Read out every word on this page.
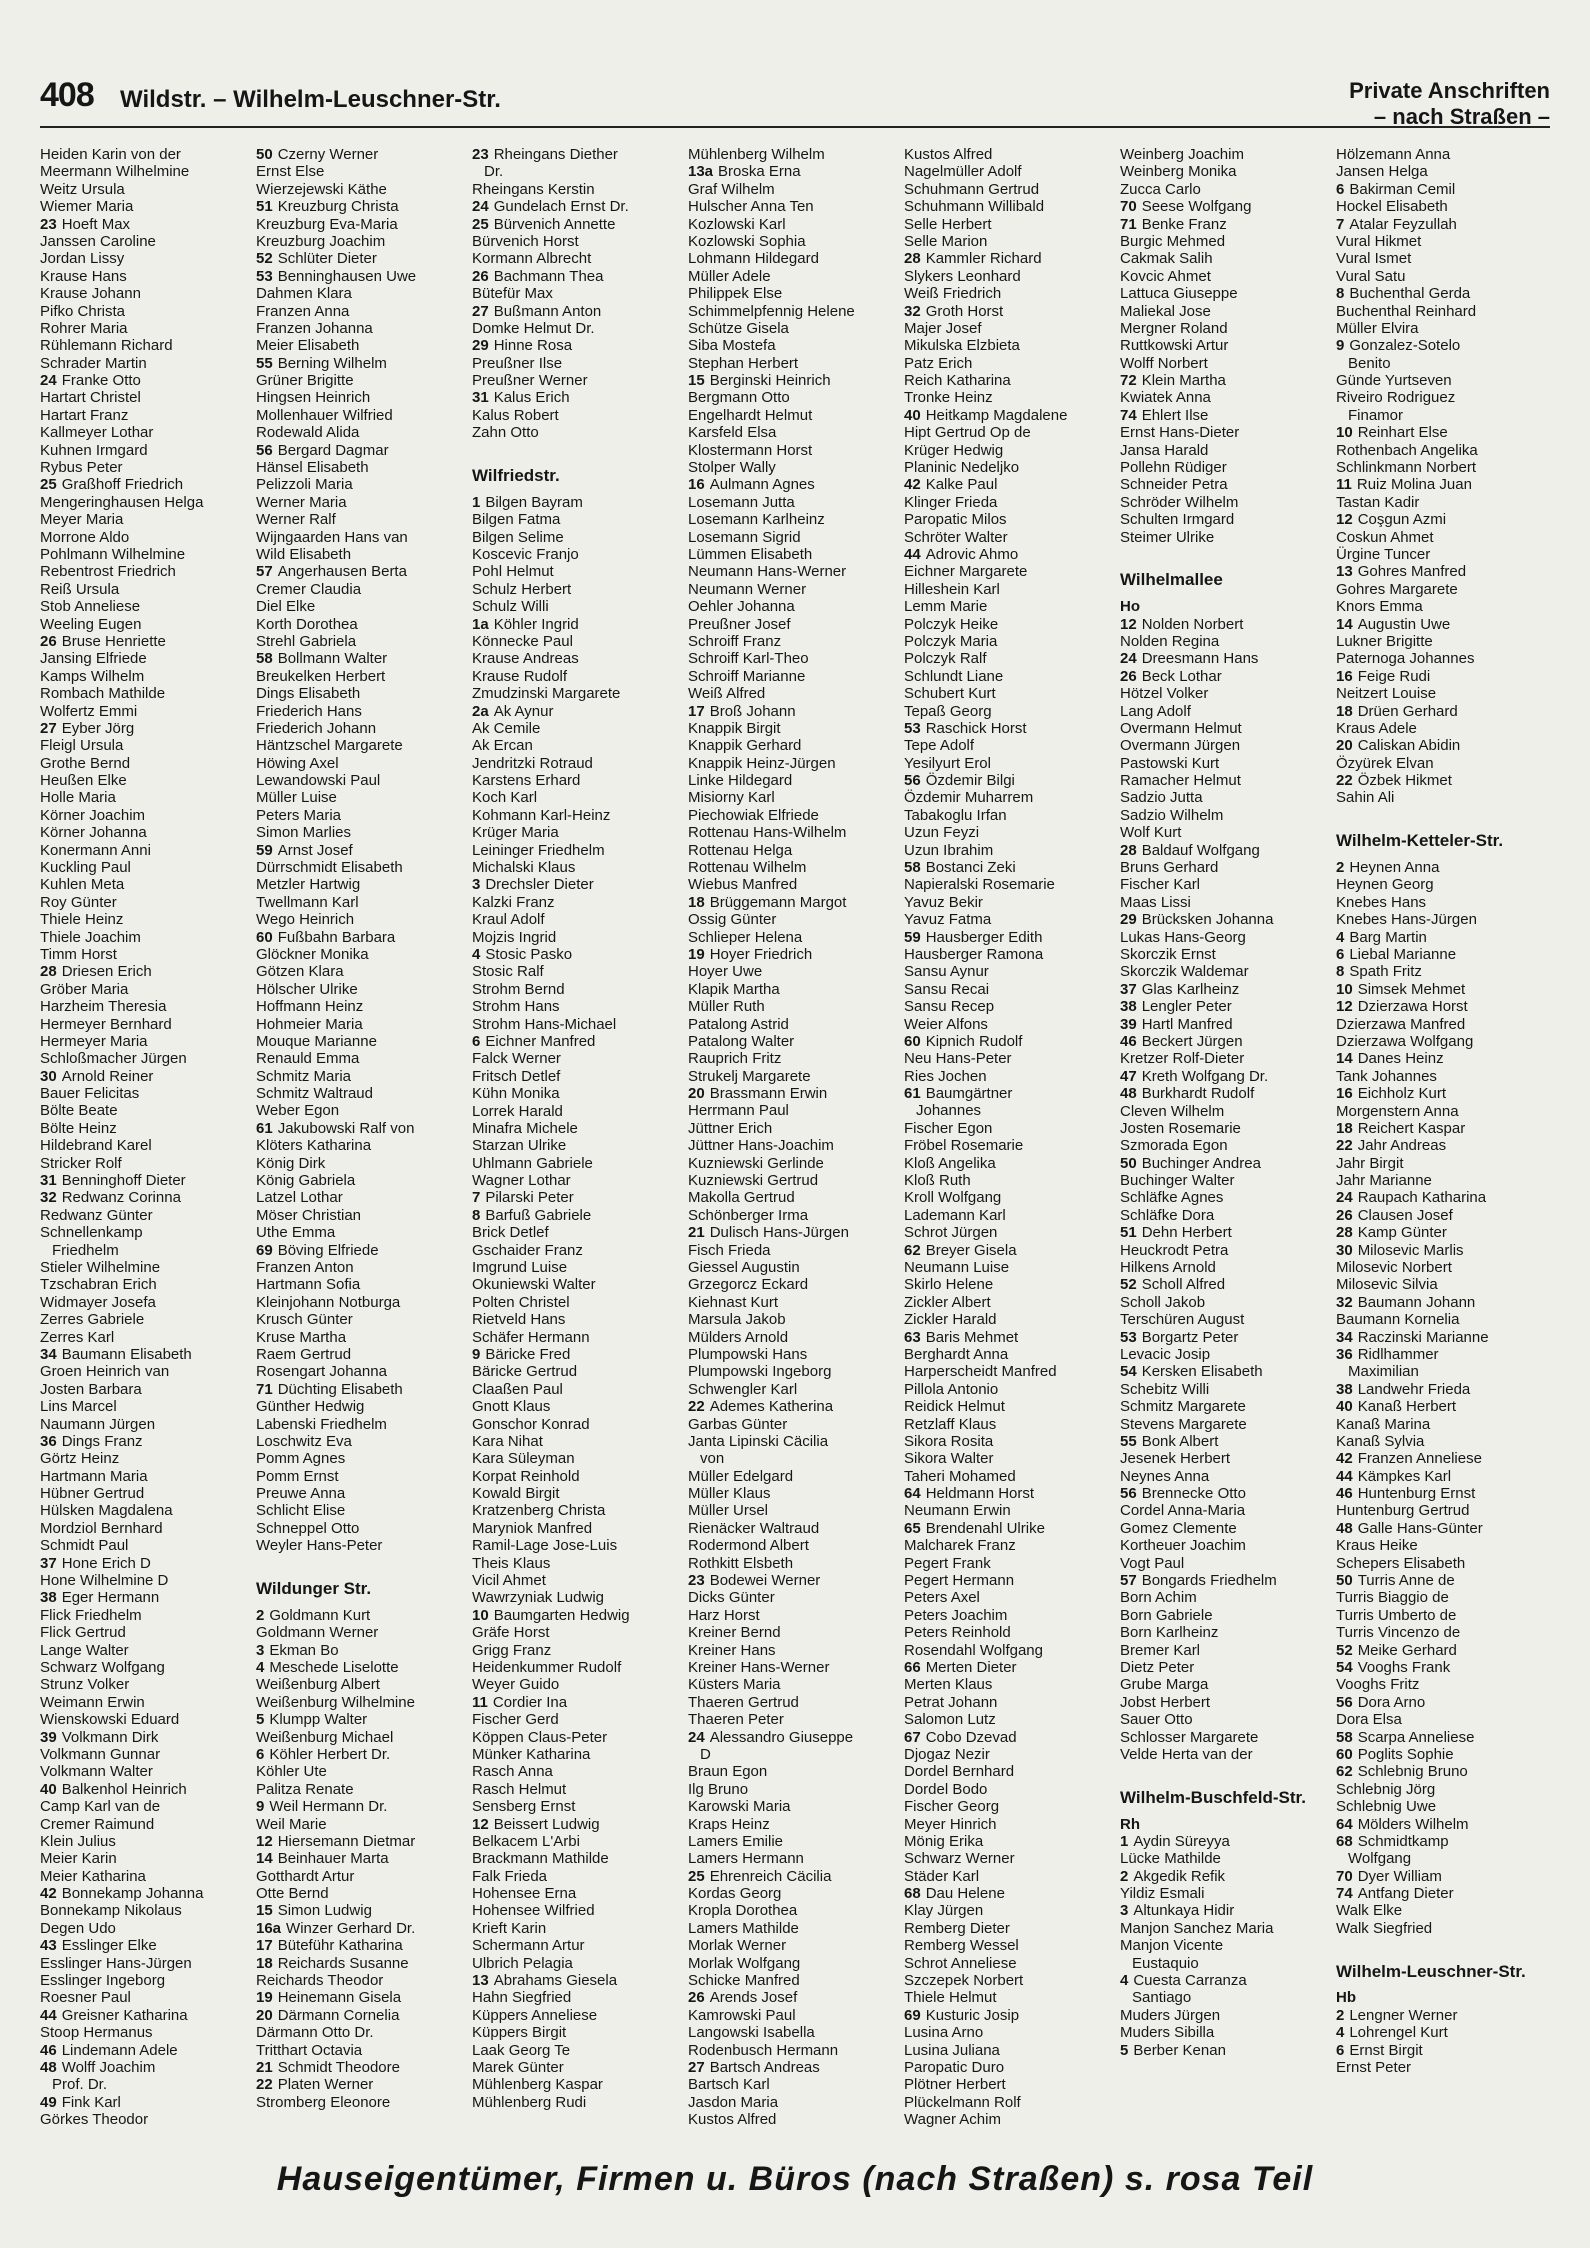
408 Wildstr. – Wilhelm-Leuschner-Str.	Private Anschriften
– nach Straßen –
Heiden Karin von der
Meermann Wilhelmine
Weitz Ursula
Wiemer Maria
23 Hoeft Max
Janssen Caroline
Jordan Lissy
Krause Hans
Krause Johann
Pifko Christa
Rohrer Maria
Rühlemann Richard
Schrader Martin
24 Franke Otto
Hartart Christel
Hartart Franz
Kallmeyer Lothar
Kuhnen Irmgard
Rybus Peter
25 Graßhoff Friedrich
Mengeringhausen Helga
Meyer Maria
Morrone Aldo
Pohlmann Wilhelmine
Rebentrost Friedrich
Reiß Ursula
Stob Anneliese
Weeling Eugen
26 Bruse Henriette
Jansing Elfriede
Kamps Wilhelm
Rombach Mathilde
Wolfertz Emmi
27 Eyber Jörg
Fleigl Ursula
Grothe Bernd
Heußen Elke
Holle Maria
Körner Joachim
Körner Johanna
Konermann Anni
Kuckling Paul
Kuhlen Meta
Roy Günter
Thiele Heinz
Thiele Joachim
Timm Horst
28 Driesen Erich
Gröber Maria
Harzheim Theresia
Hermeyer Bernhard
Hermeyer Maria
Schloßmacher Jürgen
30 Arnold Reiner
Bauer Felicitas
Bölte Beate
Bölte Heinz
Hildebrand Karel
Stricker Rolf
31 Benninghoff Dieter
32 Redwanz Corinna
Redwanz Günter
Schnellenkamp
Friedhelm
Stieler Wilhelmine
Tzschabran Erich
Widmayer Josefa
Zerres Gabriele
Zerres Karl
34 Baumann Elisabeth
Groen Heinrich van
Josten Barbara
Lins Marcel
Naumann Jürgen
36 Dings Franz
Görtz Heinz
Hartmann Maria
Hübner Gertrud
Hülsken Magdalena
Mordziol Bernhard
Schmidt Paul
37 Hone Erich D
Hone Wilhelmine D
38 Eger Hermann
Flick Friedhelm
Flick Gertrud
Lange Walter
Schwarz Wolfgang
Strunz Volker
Weimann Erwin
Wienskowski Eduard
39 Volkmann Dirk
Volkmann Gunnar
Volkmann Walter
40 Balkenhol Heinrich
Camp Karl van de
Cremer Raimund
Klein Julius
Meier Karin
Meier Katharina
42 Bonnekamp Johanna
Bonnekamp Nikolaus
Degen Udo
43 Esslinger Elke
Esslinger Hans-Jürgen
Esslinger Ingeborg
Roesner Paul
44 Greisner Katharina
Stoop Hermanus
46 Lindemann Adele
48 Wolff Joachim
Prof. Dr.
49 Fink Karl
Görkes Theodor
50 Czerny Werner
Ernst Else
Wierzejewski Käthe
51 Kreuzburg Christa
Kreuzburg Eva-Maria
Kreuzburg Joachim
52 Schlüter Dieter
53 Benninghausen Uwe
Dahmen Klara
Franzen Anna
Franzen Johanna
Meier Elisabeth
55 Berning Wilhelm
Grüner Brigitte
Hingsen Heinrich
Mollenhauer Wilfried
Rodewald Alida
56 Bergard Dagmar
Hänsel Elisabeth
Pelizzoli Maria
Werner Maria
Werner Ralf
Wijngaarden Hans van
Wild Elisabeth
57 Angerhausen Berta
Cremer Claudia
Diel Elke
Korth Dorothea
Strehl Gabriela
58 Bollmann Walter
Breukelken Herbert
Dings Elisabeth
Friederich Hans
Friederich Johann
Häntzschel Margarete
Höwing Axel
Lewandowski Paul
Müller Luise
Peters Maria
Simon Marlies
59 Arnst Josef
Dürrschmidt Elisabeth
Metzler Hartwig
Twellmann Karl
Wego Heinrich
60 Fußbahn Barbara
Glöckner Monika
Götzen Klara
Hölscher Ulrike
Hoffmann Heinz
Hohmeier Maria
Mouque Marianne
Renauld Emma
Schmitz Maria
Schmitz Waltraud
Weber Egon
61 Jakubowski Ralf von
Klöters Katharina
König Dirk
König Gabriela
Latzel Lothar
Möser Christian
Uthe Emma
69 Böving Elfriede
Franzen Anton
Hartmann Sofia
Kleinjohann Notburga
Krusch Günter
Kruse Martha
Raem Gertrud
Rosengart Johanna
71 Düchting Elisabeth
Günther Hedwig
Labenski Friedhelm
Loschwitz Eva
Pomm Agnes
Pomm Ernst
Preuwe Anna
Schlicht Elise
Schneppel Otto
Weyler Hans-Peter
Wildunger Str.
2 Goldmann Kurt
Goldmann Werner
3 Ekman Bo
4 Meschede Liselotte
Weißenburg Albert
Weißenburg Wilhelmine
5 Klumpp Walter
Weißenburg Michael
6 Köhler Herbert Dr.
Köhler Ute
Palitza Renate
9 Weil Hermann Dr.
Weil Marie
12 Hiersemann Dietmar
14 Beinhauer Marta
Gotthardt Artur
Otte Bernd
15 Simon Ludwig
16a Winzer Gerhard Dr.
17 Büteführ Katharina
18 Reichards Susanne
Reichards Theodor
19 Heinemann Gisela
20 Därmann Cornelia
Därmann Otto Dr.
Tritthart Octavia
21 Schmidt Theodore
22 Platen Werner
Stromberg Eleonore
23 Rheingans Diether
Dr.
Rheingans Kerstin
24 Gundelach Ernst Dr.
25 Bürvenich Annette
Bürvenich Horst
Kormann Albrecht
26 Bachmann Thea
Bütefür Max
27 Bußmann Anton
Domke Helmut Dr.
29 Hinne Rosa
Preußner Ilse
Preußner Werner
31 Kalus Erich
Kalus Robert
Zahn Otto
Wilfriedstr.
1 Bilgen Bayram
Bilgen Fatma
Bilgen Selime
Koscevic Franjo
Pohl Helmut
Schulz Herbert
Schulz Willi
1a Köhler Ingrid
Könnecke Paul
Krause Andreas
Krause Rudolf
Zmudzinski Margarete
2a Ak Aynur
Ak Cemile
Ak Ercan
Jendritzki Rotraud
Karstens Erhard
Koch Karl
Kohmann Karl-Heinz
Krüger Maria
Leininger Friedhelm
Michalski Klaus
3 Drechsler Dieter
Kalzki Franz
Kraul Adolf
Mojzis Ingrid
4 Stosic Pasko
Stosic Ralf
Strohm Bernd
Strohm Hans
Strohm Hans-Michael
6 Eichner Manfred
Falck Werner
Fritsch Detlef
Kühn Monika
Lorrek Harald
Minafra Michele
Starzan Ulrike
Uhlmann Gabriele
Wagner Lothar
7 Pilarski Peter
8 Barfuß Gabriele
Brick Detlef
Gschaider Franz
Imgrund Luise
Okuniewski Walter
Polten Christel
Rietveld Hans
Schäfer Hermann
9 Bäricke Fred
Bäricke Gertrud
Claaßen Paul
Gnott Klaus
Gonschor Konrad
Kara Nihat
Kara Süleyman
Korpat Reinhold
Kowald Birgit
Kratzenberg Christa
Maryniok Manfred
Ramil-Lage Jose-Luis
Theis Klaus
Vicil Ahmet
Wawrzyniak Ludwig
10 Baumgarten Hedwig
Gräfe Horst
Grigg Franz
Heidenkummer Rudolf
Weyer Guido
11 Cordier Ina
Fischer Gerd
Köppen Claus-Peter
Münker Katharina
Rasch Anna
Rasch Helmut
Sensberg Ernst
12 Beissert Ludwig
Belkacem L'Arbi
Brackmann Mathilde
Falk Frieda
Hohensee Erna
Hohensee Wilfried
Krieft Karin
Schermann Artur
Ulbrich Pelagia
13 Abrahams Giesela
Hahn Siegfried
Küppers Anneliese
Küppers Birgit
Laak Georg Te
Marek Günter
Mühlenberg Kaspar
Mühlenberg Rudi
Mühlenberg Wilhelm
13a Broska Erna
Graf Wilhelm
Hulscher Anna Ten
Kozlowski Karl
Kozlowski Sophia
Lohmann Hildegard
Müller Adele
Philippek Else
Schimmelpfennig Helene
Schütze Gisela
Siba Mostefa
Stephan Herbert
15 Berginski Heinrich
Bergmann Otto
Engelhardt Helmut
Karsfeld Elsa
Klostermann Horst
Stolper Wally
16 Aulmann Agnes
Losemann Jutta
Losemann Karlheinz
Losemann Sigrid
Lümmen Elisabeth
Neumann Hans-Werner
Neumann Werner
Oehler Johanna
Preußner Josef
Schroiff Franz
Schroiff Karl-Theo
Schroiff Marianne
Weiß Alfred
17 Broß Johann
Knappik Birgit
Knappik Gerhard
Knappik Heinz-Jürgen
Linke Hildegard
Misiorny Karl
Piechowiak Elfriede
Rottenau Hans-Wilhelm
Rottenau Helga
Rottenau Wilhelm
Wiebus Manfred
18 Brüggemann Margot
Ossig Günter
Schlieper Helena
19 Hoyer Friedrich
Hoyer Uwe
Klapik Martha
Müller Ruth
Patalong Astrid
Patalong Walter
Rauprich Fritz
Strukelj Margarete
20 Brassmann Erwin
Herrmann Paul
Jüttner Erich
Jüttner Hans-Joachim
Kuzniewski Gerlinde
Kuzniewski Gertrud
Makolla Gertrud
Schönberger Irma
21 Dulisch Hans-Jürgen
Fisch Frieda
Giessel Augustin
Grzegorcz Eckard
Kiehnast Kurt
Marsula Jakob
Mülders Arnold
Plumpowski Hans
Plumpowski Ingeborg
Schwengler Karl
22 Ademes Katherina
Garbas Günter
Janta Lipinski Cäcilia
von
Müller Edelgard
Müller Klaus
Müller Ursel
Rienäcker Waltraud
Rodermond Albert
Rothkitt Elsbeth
23 Bodewei Werner
Dicks Günter
Harz Horst
Kreiner Bernd
Kreiner Hans
Kreiner Hans-Werner
Küsters Maria
Thaeren Gertrud
Thaeren Peter
24 Alessandro Giuseppe
D
Braun Egon
Ilg Bruno
Karowski Maria
Kraps Heinz
Lamers Emilie
Lamers Hermann
25 Ehrenreich Cäcilia
Kordas Georg
Kropla Dorothea
Lamers Mathilde
Morlak Werner
Morlak Wolfgang
Schicke Manfred
26 Arends Josef
Kamrowski Paul
Langowski Isabella
Rodenbusch Hermann
27 Bartsch Andreas
Bartsch Karl
Jasdon Maria
Kustos Alfred
Kustos Alfred
Nagelmüller Adolf
Schuhmann Gertrud
Schuhmann Willibald
Selle Herbert
Selle Marion
28 Kammler Richard
Slykers Leonhard
Weiß Friedrich
32 Groth Horst
Majer Josef
Mikulska Elzbieta
Patz Erich
Reich Katharina
Tronke Heinz
40 Heitkamp Magdalene
Hipt Gertrud Op de
Krüger Hedwig
Planinic Nedeljko
42 Kalke Paul
Klinger Frieda
Paropatic Milos
Schröter Walter
44 Adrovic Ahmo
Eichner Margarete
Hilleshein Karl
Lemm Marie
Polczyk Heike
Polczyk Maria
Polczyk Ralf
Schlundt Liane
Schubert Kurt
Tepaß Georg
53 Raschick Horst
Tepe Adolf
Yesilyurt Erol
56 Özdemir Bilgi
Özdemir Muharrem
Tabakoglu Irfan
Uzun Feyzi
Uzun Ibrahim
58 Bostanci Zeki
Napieralski Rosemarie
Yavuz Bekir
Yavuz Fatma
59 Hausberger Edith
Hausberger Ramona
Sansu Aynur
Sansu Recai
Sansu Recep
Weier Alfons
60 Kipnich Rudolf
Neu Hans-Peter
Ries Jochen
61 Baumgärtner
Johannes
Fischer Egon
Fröbel Rosemarie
Kloß Angelika
Kloß Ruth
Kroll Wolfgang
Lademann Karl
Schrot Jürgen
62 Breyer Gisela
Neumann Luise
Skirlo Helene
Zickler Albert
Zickler Harald
63 Baris Mehmet
Berghardt Anna
Harperscheidt Manfred
Pillola Antonio
Reidick Helmut
Retzlaff Klaus
Sikora Rosita
Sikora Walter
Taheri Mohamed
64 Heldmann Horst
Neumann Erwin
65 Brendenahl Ulrike
Malcharek Franz
Pegert Frank
Pegert Hermann
Peters Axel
Peters Joachim
Peters Reinhold
Rosendahl Wolfgang
66 Merten Dieter
Merten Klaus
Petrat Johann
Salomon Lutz
67 Cobo Dzevad
Djogaz Nezir
Dordel Bernhard
Dordel Bodo
Fischer Georg
Meyer Hinrich
Mönig Erika
Schwarz Werner
Städer Karl
68 Dau Helene
Klay Jürgen
Remberg Dieter
Remberg Wessel
Schrot Anneliese
Szczepek Norbert
Thiele Helmut
69 Kusturic Josip
Lusina Arno
Lusina Juliana
Paropatic Duro
Plötner Herbert
Plückelmann Rolf
Wagner Achim
Weinberg Joachim
Weinberg Monika
Zucca Carlo
70 Seese Wolfgang
71 Benke Franz
Burgic Mehmed
Cakmak Salih
Kovcic Ahmet
Lattuca Giuseppe
Maliekal Jose
Mergner Roland
Ruttkowski Artur
Wolff Norbert
72 Klein Martha
Kwiatek Anna
74 Ehlert Ilse
Ernst Hans-Dieter
Jansa Harald
Pollehn Rüdiger
Schneider Petra
Schröder Wilhelm
Schulten Irmgard
Steimer Ulrike
Wilhelmallee
Ho
12 Nolden Norbert
Nolden Regina
24 Dreesmann Hans
26 Beck Lothar
Hötzel Volker
Lang Adolf
Overmann Helmut
Overmann Jürgen
Pastowski Kurt
Ramacher Helmut
Sadzio Jutta
Sadzio Wilhelm
Wolf Kurt
28 Baldauf Wolfgang
Bruns Gerhard
Fischer Karl
Maas Lissi
29 Brücksken Johanna
Lukas Hans-Georg
Skorczik Ernst
Skorczik Waldemar
37 Glas Karlheinz
38 Lengler Peter
39 Hartl Manfred
46 Beckert Jürgen
Kretzer Rolf-Dieter
47 Kreth Wolfgang Dr.
48 Burkhardt Rudolf
Cleven Wilhelm
Josten Rosemarie
Szmorada Egon
50 Buchinger Andrea
Buchinger Walter
Schläfke Agnes
Schläfke Dora
51 Dehn Herbert
Heuckrodt Petra
Hilkens Arnold
52 Scholl Alfred
Scholl Jakob
Terschüren August
53 Borgartz Peter
Levacic Josip
54 Kersken Elisabeth
Schebitz Willi
Schmitz Margarete
Stevens Margarete
55 Bonk Albert
Jesenek Herbert
Neynes Anna
56 Brennecke Otto
Cordel Anna-Maria
Gomez Clemente
Kortheuer Joachim
Vogt Paul
57 Bongards Friedhelm
Born Achim
Born Gabriele
Born Karlheinz
Bremer Karl
Dietz Peter
Grube Marga
Jobst Herbert
Sauer Otto
Schlosser Margarete
Velde Herta van der
Wilhelm-Buschfeld-Str.
Rh
1 Aydin Süreyya
Lücke Mathilde
2 Akgedik Refik
Yildiz Esmali
3 Altunkaya Hidir
Manjon Sanchez Maria
Manjon Vicente
Eustaquio
4 Cuesta Carranza
Santiago
Muders Jürgen
Muders Sibilla
5 Berber Kenan
Hölzemann Anna
Jansen Helga
6 Bakirman Cemil
Hockel Elisabeth
7 Atalar Feyzullah
Vural Hikmet
Vural Ismet
Vural Satu
8 Buchenthal Gerda
Buchenthal Reinhard
Müller Elvira
9 Gonzalez-Sotelo
Benito
Günde Yurtseven
Riveiro Rodriguez
Finamor
10 Reinhart Else
Rothenbach Angelika
Schlinkmann Norbert
11 Ruiz Molina Juan
Tastan Kadir
12 Coşgun Azmi
Coskun Ahmet
Ürgine Tuncer
13 Gohres Manfred
Gohres Margarete
Knors Emma
14 Augustin Uwe
Lukner Brigitte
Paternoga Johannes
16 Feige Rudi
Neitzert Louise
18 Drüen Gerhard
Kraus Adele
20 Caliskan Abidin
Özyürek Elvan
22 Özbek Hikmet
Sahin Ali
Wilhelm-Ketteler-Str.
2 Heynen Anna
Heynen Georg
Knebes Hans
Knebes Hans-Jürgen
4 Barg Martin
6 Liebal Marianne
8 Spath Fritz
10 Simsek Mehmet
12 Dzierzawa Horst
Dzierzawa Manfred
Dzierzawa Wolfgang
14 Danes Heinz
Tank Johannes
16 Eichholz Kurt
Morgenstern Anna
18 Reichert Kaspar
22 Jahr Andreas
Jahr Birgit
Jahr Marianne
24 Raupach Katharina
26 Clausen Josef
28 Kamp Günter
30 Milosevic Marlis
Milosevic Norbert
Milosevic Silvia
32 Baumann Johann
Baumann Kornelia
34 Raczinski Marianne
36 Ridlhammer
Maximilian
38 Landwehr Frieda
40 Kanaß Herbert
Kanaß Marina
Kanaß Sylvia
42 Franzen Anneliese
44 Kämpkes Karl
46 Huntenburg Ernst
Huntenburg Gertrud
48 Galle Hans-Günter
Kraus Heike
Schepers Elisabeth
50 Turris Anne de
Turris Biaggio de
Turris Umberto de
Turris Vincenzo de
52 Meike Gerhard
54 Vooghs Frank
Vooghs Fritz
56 Dora Arno
Dora Elsa
58 Scarpa Anneliese
60 Poglits Sophie
62 Schlebnig Bruno
Schlebnig Jörg
Schlebnig Uwe
64 Mölders Wilhelm
68 Schmidtkamp
Wolfgang
70 Dyer William
74 Antfang Dieter
Walk Elke
Walk Siegfried
Wilhelm-Leuschner-Str.
Hb
2 Lengner Werner
4 Lohrengel Kurt
6 Ernst Birgit
Ernst Peter
Hauseigentümer, Firmen u. Büros (nach Straßen) s. rosa Teil
